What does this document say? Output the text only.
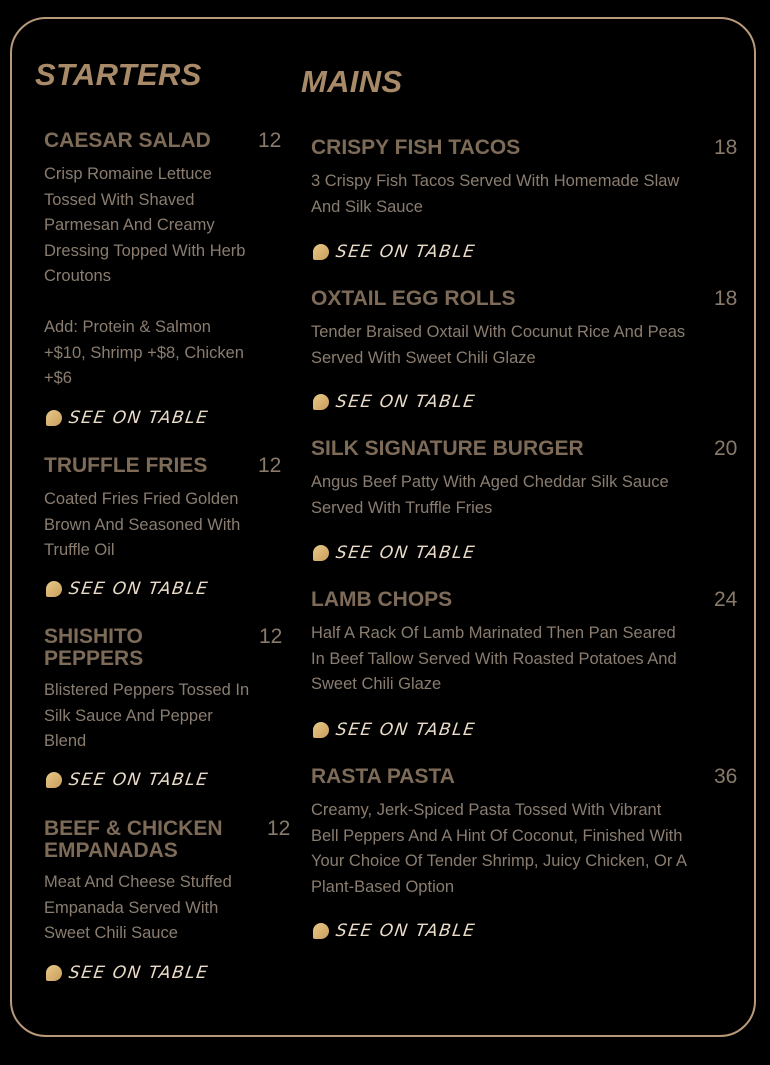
STARTERS
CAESAR SALAD 12
Crisp Romaine Lettuce
Tossed With Shaved
Parmesan And Creamy
Dressing Topped With Herb
Croutons

Add: Protein & Salmon
+$10, Shrimp +$8, Chicken
+$6
SEE ON TABLE
TRUFFLE FRIES 12
Coated Fries Fried Golden
Brown And Seasoned With
Truffle Oil
SEE ON TABLE
SHISHITO
PEPPERS
12
Blistered Peppers Tossed In
Silk Sauce And Pepper
Blend
SEE ON TABLE
BEEF & CHICKEN
EMPANADAS
12
Meat And Cheese Stuffed
Empanada Served With
Sweet Chili Sauce
SEE ON TABLE
MAINS
CRISPY FISH TACOS	18
3 Crispy Fish Tacos Served With Homemade Slaw
And Silk Sauce
SEE ON TABLE
OXTAIL EGG ROLLS	18
Tender Braised Oxtail With Cocunut Rice And Peas
Served With Sweet Chili Glaze
SEE ON TABLE
SILK SIGNATURE BURGER	20
Angus Beef Patty With Aged Cheddar Silk Sauce
Served With Truffle Fries
SEE ON TABLE
LAMB CHOPS	24
Half A Rack Of Lamb Marinated Then Pan Seared
In Beef Tallow Served With Roasted Potatoes And
Sweet Chili Glaze
SEE ON TABLE
RASTA PASTA	36
Creamy, Jerk-Spiced Pasta Tossed With Vibrant
Bell Peppers And A Hint Of Coconut, Finished With
Your Choice Of Tender Shrimp, Juicy Chicken, Or A
Plant-Based Option
SEE ON TABLE
